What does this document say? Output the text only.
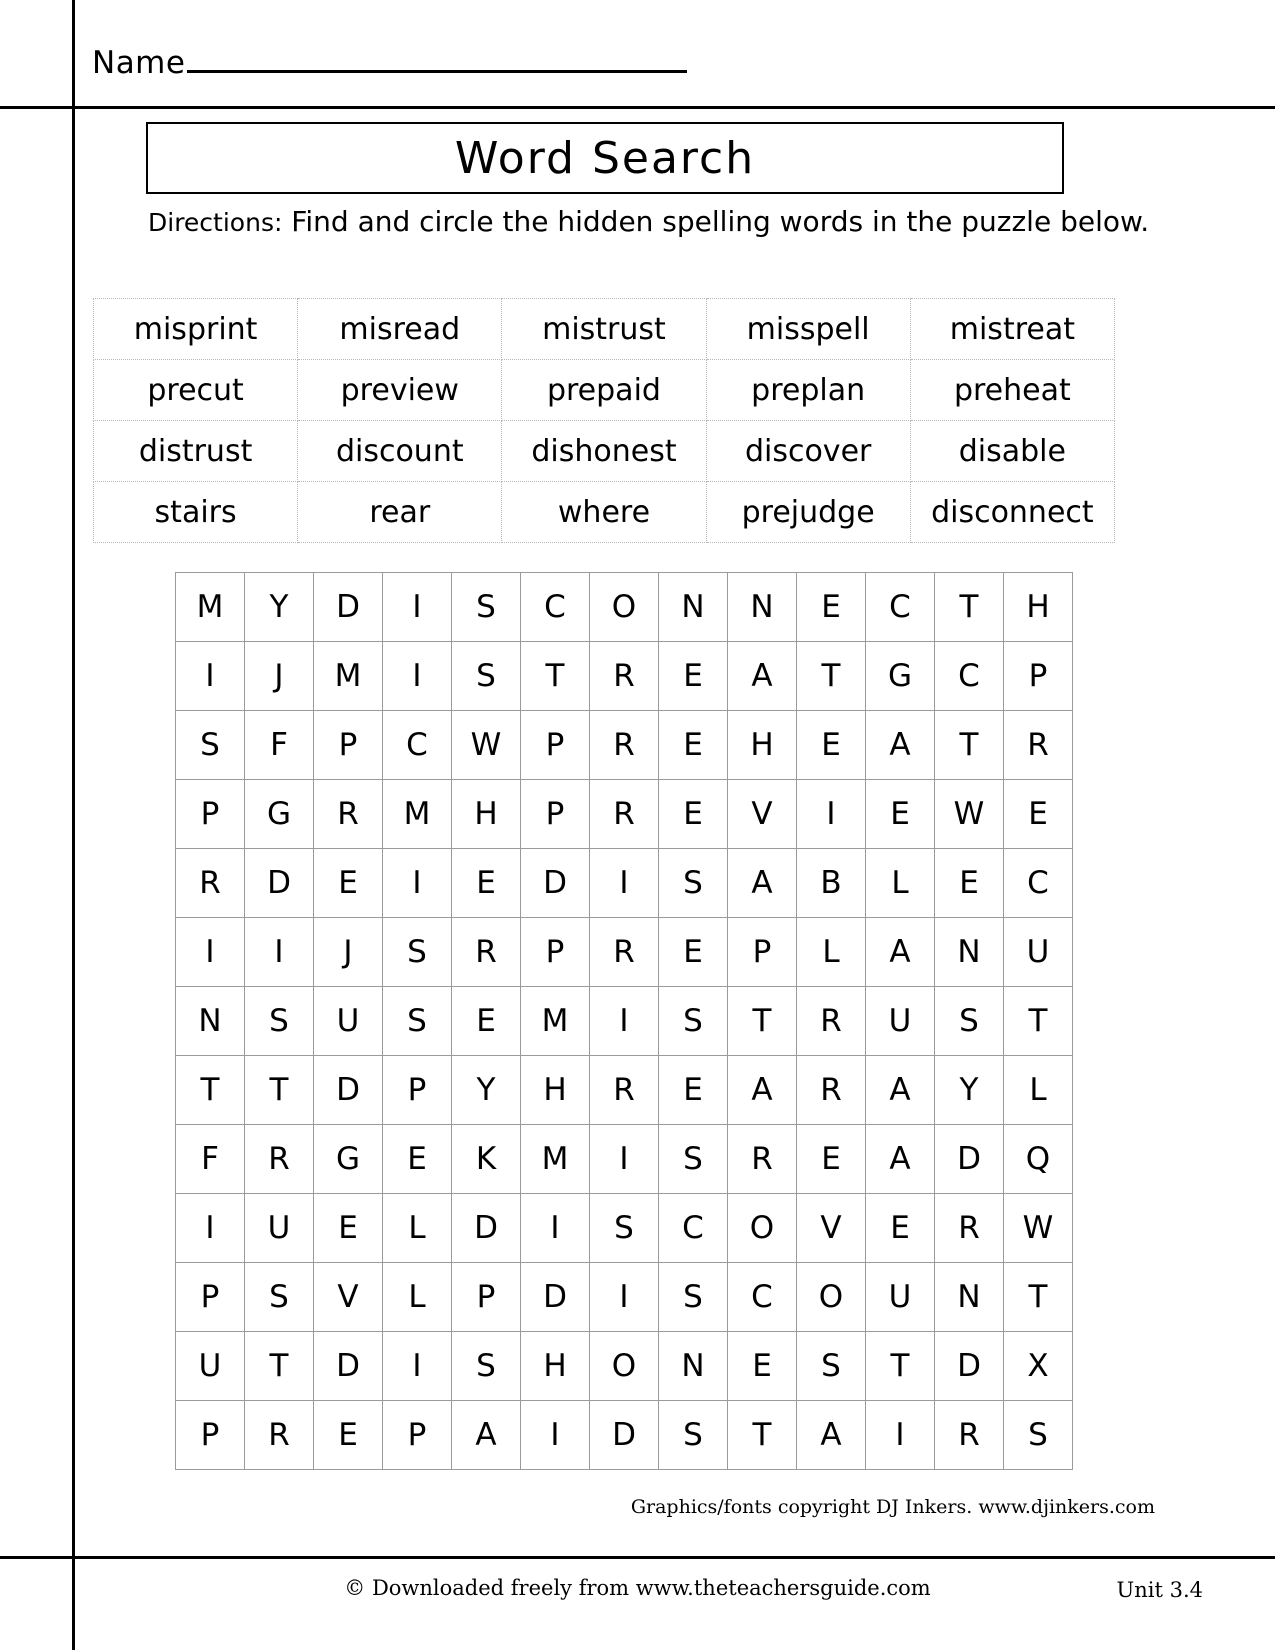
Name
Word Search
Directions: Find and circle the hidden spelling words in the puzzle below.
misprint	misread	mistrust	misspell	mistreat
precut	preview	prepaid	preplan	preheat
distrust	discount	dishonest	discover	disable
stairs	rear	where	prejudge	disconnect
M	Y	D	I	S	C	O	N	N	E	C	T	H
I	J	M	I	S	T	R	E	A	T	G	C	P
S	F	P	C	W	P	R	E	H	E	A	T	R
P	G	R	M	H	P	R	E	V	I	E	W	E
R	D	E	I	E	D	I	S	A	B	L	E	C
I	I	J	S	R	P	R	E	P	L	A	N	U
N	S	U	S	E	M	I	S	T	R	U	S	T
T	T	D	P	Y	H	R	E	A	R	A	Y	L
F	R	G	E	K	M	I	S	R	E	A	D	Q
I	U	E	L	D	I	S	C	O	V	E	R	W
P	S	V	L	P	D	I	S	C	O	U	N	T
U	T	D	I	S	H	O	N	E	S	T	D	X
P	R	E	P	A	I	D	S	T	A	I	R	S
Graphics/fonts copyright DJ Inkers. www.djinkers.com
© Downloaded freely from www.theteachersguide.com	Unit 3.4
